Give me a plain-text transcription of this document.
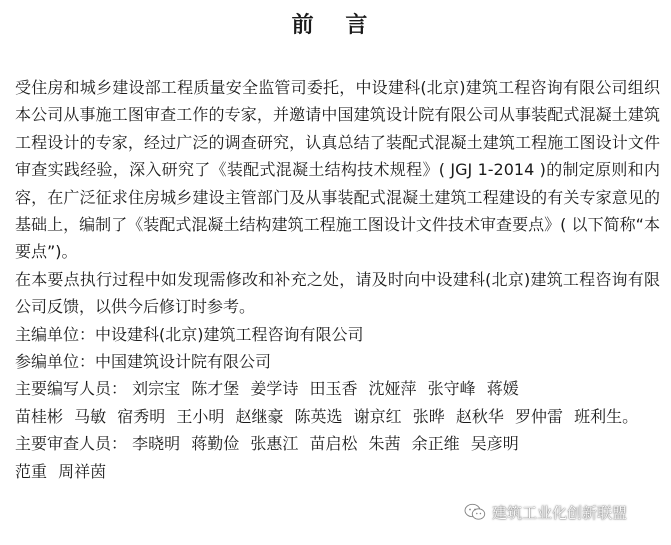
前 言

受住房和城乡建设部工程质量安全监管司委托，中设建科(北京)建筑工程咨询有限公司组织本公司从事施工图审查工作的专家，并邀请中国建筑设计院有限公司从事装配式混凝土建筑工程设计的专家，经过广泛的调查研究，认真总结了装配式混凝土建筑工程施工图设计文件审查实践经验，深入研究了《装配式混凝土结构技术规程》( JGJ 1-2014 )的制定原则和内容，在广泛征求住房城乡建设主管部门及从事装配式混凝土建筑工程建设的有关专家意见的基础上，编制了《装配式混凝土结构建筑工程施工图设计文件技术审查要点》( 以下简称“本要点”)。

在本要点执行过程中如发现需修改和补充之处，请及时向中设建科(北京)建筑工程咨询有限公司反馈，以供今后修订时参考。

主编单位：中设建科(北京)建筑工程咨询有限公司

参编单位：中国建筑设计院有限公司

主要编写人员： 刘宗宝 陈才堡 姜学诗 田玉香 沈娅萍 张守峰 蒋媛

苗桂彬 马敏 宿秀明 王小明 赵继豪 陈英选 谢京红 张晔 赵秋华 罗仲雷 班利生。

主要审查人员： 李晓明 蒋勤俭 张惠江 苗启松 朱茜 余正维 吴彦明

范重 周祥茵

建筑工业化创新联盟
